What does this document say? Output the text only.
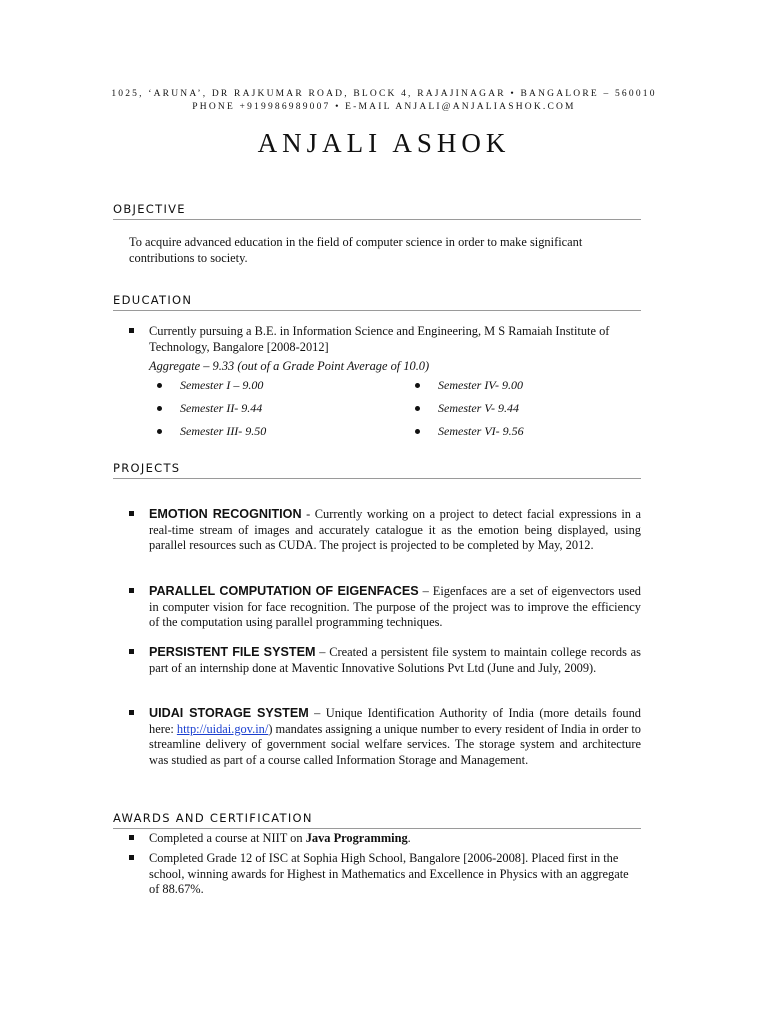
1025, ‘ARUNA’, DR RAJKUMAR ROAD, BLOCK 4, RAJAJINAGAR • BANGALORE – 560010
PHONE +919986989007 • E-MAIL ANJALI@ANJALIASHOK.COM
ANJALI ASHOK
OBJECTIVE
To acquire advanced education in the field of computer science in order to make significant contributions to society.
EDUCATION
Currently pursuing a B.E. in Information Science and Engineering, M S Ramaiah Institute of Technology, Bangalore [2008-2012]
Aggregate – 9.33 (out of a Grade Point Average of 10.0)
Semester I – 9.00
Semester II- 9.44
Semester III- 9.50
Semester IV- 9.00
Semester V- 9.44
Semester VI- 9.56
PROJECTS
EMOTION RECOGNITION - Currently working on a project to detect facial expressions in a real-time stream of images and accurately catalogue it as the emotion being displayed, using parallel resources such as CUDA. The project is projected to be completed by May, 2012.
PARALLEL COMPUTATION OF EIGENFACES – Eigenfaces are a set of eigenvectors used in computer vision for face recognition. The purpose of the project was to improve the efficiency of the computation using parallel programming techniques.
PERSISTENT FILE SYSTEM – Created a persistent file system to maintain college records as part of an internship done at Maventic Innovative Solutions Pvt Ltd (June and July, 2009).
UIDAI STORAGE SYSTEM – Unique Identification Authority of India (more details found here: http://uidai.gov.in/) mandates assigning a unique number to every resident of India in order to streamline delivery of government social welfare services. The storage system and architecture was studied as part of a course called Information Storage and Management.
AWARDS AND CERTIFICATION
Completed a course at NIIT on Java Programming.
Completed Grade 12 of ISC at Sophia High School, Bangalore [2006-2008]. Placed first in the school, winning awards for Highest in Mathematics and Excellence in Physics with an aggregate of 88.67%.
